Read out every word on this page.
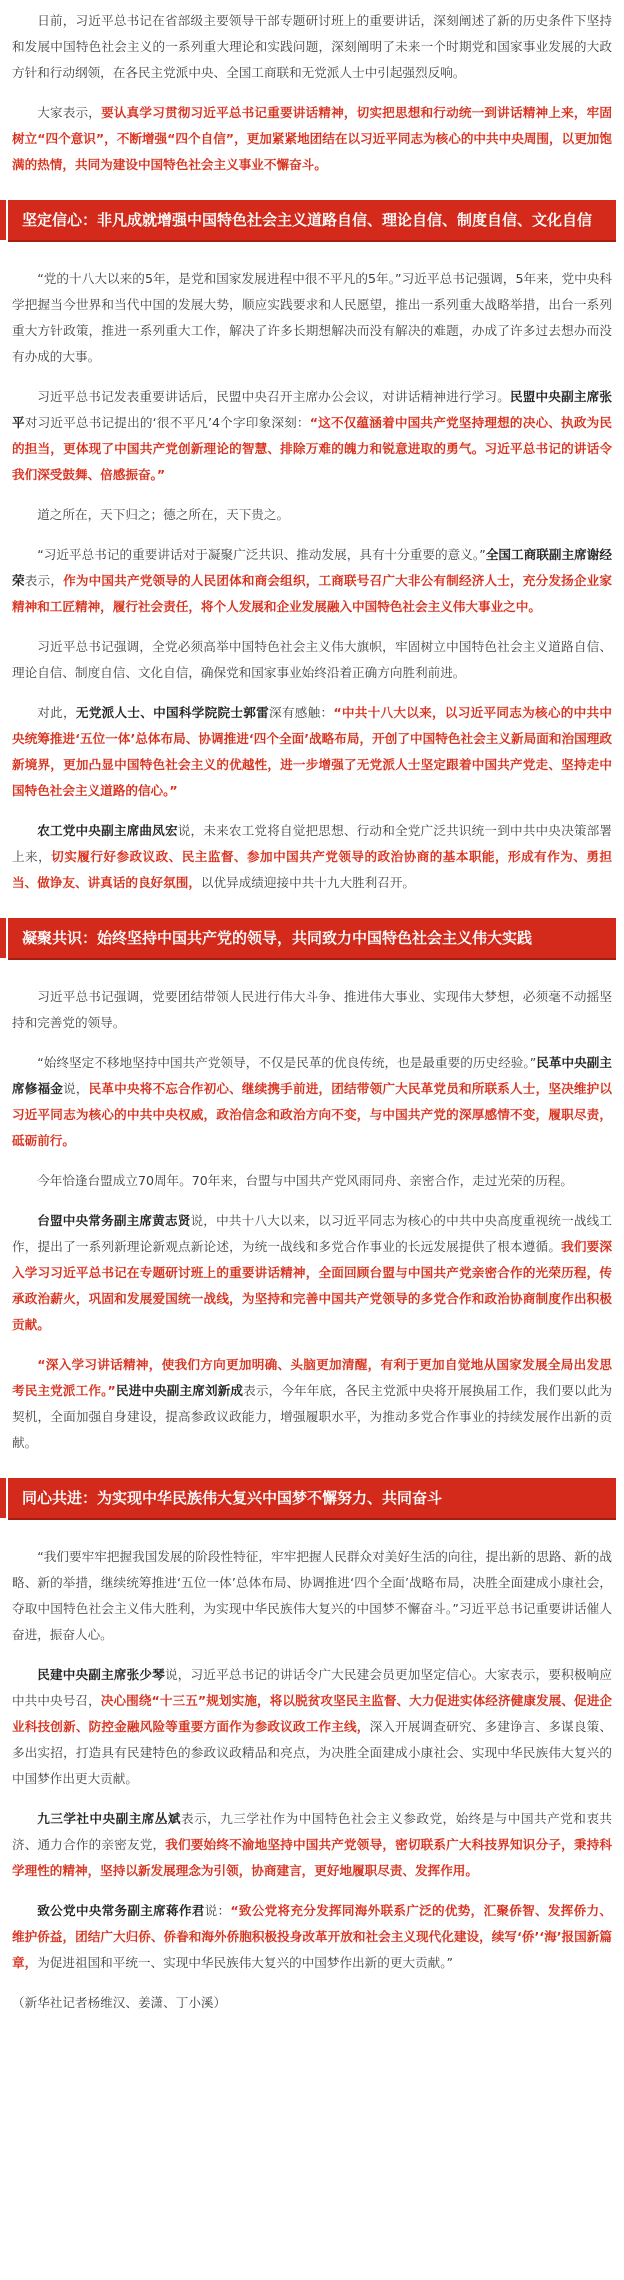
日前，习近平总书记在省部级主要领导干部专题研讨班上的重要讲话，深刻阐述了新的历史条件下坚持和发展中国特色社会主义的一系列重大理论和实践问题，深刻阐明了未来一个时期党和国家事业发展的大政方针和行动纲领，在各民主党派中央、全国工商联和无党派人士中引起强烈反响。

大家表示，要认真学习贯彻习近平总书记重要讲话精神，切实把思想和行动统一到讲话精神上来，牢固树立“四个意识”，不断增强“四个自信”，更加紧紧地团结在以习近平同志为核心的中共中央周围，以更加饱满的热情，共同为建设中国特色社会主义事业不懈奋斗。

坚定信心：非凡成就增强中国特色社会主义道路自信、理论自信、制度自信、文化自信

“党的十八大以来的5年，是党和国家发展进程中很不平凡的5年。”习近平总书记强调，5年来，党中央科学把握当今世界和当代中国的发展大势，顺应实践要求和人民愿望，推出一系列重大战略举措，出台一系列重大方针政策，推进一系列重大工作，解决了许多长期想解决而没有解决的难题，办成了许多过去想办而没有办成的大事。

习近平总书记发表重要讲话后，民盟中央召开主席办公会议，对讲话精神进行学习。民盟中央副主席张平对习近平总书记提出的‘很不平凡’4个字印象深刻：“这不仅蕴涵着中国共产党坚持理想的决心、执政为民的担当，更体现了中国共产党创新理论的智慧、排除万难的魄力和锐意进取的勇气。习近平总书记的讲话令我们深受鼓舞、倍感振奋。”

道之所在，天下归之；德之所在，天下贵之。

“习近平总书记的重要讲话对于凝聚广泛共识、推动发展，具有十分重要的意义。”全国工商联副主席谢经荣表示，作为中国共产党领导的人民团体和商会组织，工商联号召广大非公有制经济人士，充分发扬企业家精神和工匠精神，履行社会责任，将个人发展和企业发展融入中国特色社会主义伟大事业之中。

习近平总书记强调，全党必须高举中国特色社会主义伟大旗帜，牢固树立中国特色社会主义道路自信、理论自信、制度自信、文化自信，确保党和国家事业始终沿着正确方向胜利前进。

对此，无党派人士、中国科学院院士郭雷深有感触：“中共十八大以来，以习近平同志为核心的中共中央统筹推进‘五位一体’总体布局、协调推进‘四个全面’战略布局，开创了中国特色社会主义新局面和治国理政新境界，更加凸显中国特色社会主义的优越性，进一步增强了无党派人士坚定跟着中国共产党走、坚持走中国特色社会主义道路的信心。”

农工党中央副主席曲凤宏说，未来农工党将自觉把思想、行动和全党广泛共识统一到中共中央决策部署上来，切实履行好参政议政、民主监督、参加中国共产党领导的政治协商的基本职能，形成有作为、勇担当、做诤友、讲真话的良好氛围，以优异成绩迎接中共十九大胜利召开。

凝聚共识：始终坚持中国共产党的领导，共同致力中国特色社会主义伟大实践

习近平总书记强调，党要团结带领人民进行伟大斗争、推进伟大事业、实现伟大梦想，必须毫不动摇坚持和完善党的领导。

“始终坚定不移地坚持中国共产党领导，不仅是民革的优良传统，也是最重要的历史经验。”民革中央副主席修福金说，民革中央将不忘合作初心、继续携手前进，团结带领广大民革党员和所联系人士，坚决维护以习近平同志为核心的中共中央权威，政治信念和政治方向不变，与中国共产党的深厚感情不变，履职尽责，砥砺前行。

今年恰逢台盟成立70周年。70年来，台盟与中国共产党风雨同舟、亲密合作，走过光荣的历程。

台盟中央常务副主席黄志贤说，中共十八大以来，以习近平同志为核心的中共中央高度重视统一战线工作，提出了一系列新理论新观点新论述，为统一战线和多党合作事业的长远发展提供了根本遵循。我们要深入学习习近平总书记在专题研讨班上的重要讲话精神，全面回顾台盟与中国共产党亲密合作的光荣历程，传承政治薪火，巩固和发展爱国统一战线，为坚持和完善中国共产党领导的多党合作和政治协商制度作出积极贡献。

“深入学习讲话精神，使我们方向更加明确、头脑更加清醒，有利于更加自觉地从国家发展全局出发思考民主党派工作。”民进中央副主席刘新成表示，今年年底，各民主党派中央将开展换届工作，我们要以此为契机，全面加强自身建设，提高参政议政能力，增强履职水平，为推动多党合作事业的持续发展作出新的贡献。

同心共进：为实现中华民族伟大复兴中国梦不懈努力、共同奋斗

“我们要牢牢把握我国发展的阶段性特征，牢牢把握人民群众对美好生活的向往，提出新的思路、新的战略、新的举措，继续统筹推进‘五位一体’总体布局、协调推进‘四个全面’战略布局，决胜全面建成小康社会，夺取中国特色社会主义伟大胜利，为实现中华民族伟大复兴的中国梦不懈奋斗。”习近平总书记重要讲话催人奋进，振奋人心。

民建中央副主席张少琴说，习近平总书记的讲话令广大民建会员更加坚定信心。大家表示，要积极响应中共中央号召，决心围绕“十三五”规划实施，将以脱贫攻坚民主监督、大力促进实体经济健康发展、促进企业科技创新、防控金融风险等重要方面作为参政议政工作主线，深入开展调查研究、多建诤言、多谋良策、多出实招，打造具有民建特色的参政议政精品和亮点，为决胜全面建成小康社会、实现中华民族伟大复兴的中国梦作出更大贡献。

九三学社中央副主席丛斌表示，九三学社作为中国特色社会主义参政党，始终是与中国共产党和衷共济、通力合作的亲密友党，我们要始终不渝地坚持中国共产党领导，密切联系广大科技界知识分子，秉持科学理性的精神，坚持以新发展理念为引领，协商建言，更好地履职尽责、发挥作用。

致公党中央常务副主席蒋作君说：“致公党将充分发挥同海外联系广泛的优势，汇聚侨智、发挥侨力、维护侨益，团结广大归侨、侨眷和海外侨胞积极投身改革开放和社会主义现代化建设，续写‘侨’‘海’报国新篇章，为促进祖国和平统一、实现中华民族伟大复兴的中国梦作出新的更大贡献。”

（新华社记者杨维汉、姜潇、丁小溪）
